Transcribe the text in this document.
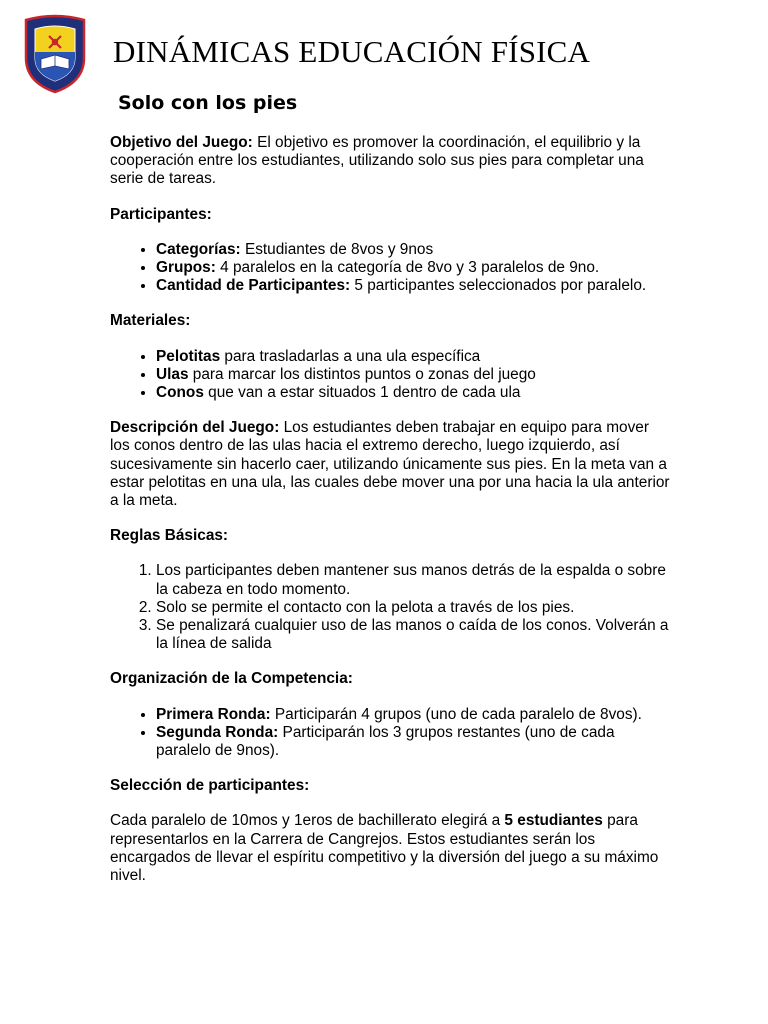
DINÁMICAS EDUCACIÓN FÍSICA
Solo con los pies

Objetivo del Juego: El objetivo es promover la coordinación, el equilibrio y la cooperación entre los estudiantes, utilizando solo sus pies para completar una serie de tareas.

Participantes:

• Categorías: Estudiantes de 8vos y 9nos
• Grupos: 4 paralelos en la categoría de 8vo y 3 paralelos de 9no.
• Cantidad de Participantes: 5 participantes seleccionados por paralelo.

Materiales:

• Pelotitas para trasladarlas a una ula específica
• Ulas para marcar los distintos puntos o zonas del juego
• Conos que van a estar situados 1 dentro de cada ula

Descripción del Juego: Los estudiantes deben trabajar en equipo para mover los conos dentro de las ulas hacia el extremo derecho, luego izquierdo, así sucesivamente sin hacerlo caer, utilizando únicamente sus pies. En la meta van a estar pelotitas en una ula, las cuales debe mover una por una hacia la ula anterior a la meta.

Reglas Básicas:

1. Los participantes deben mantener sus manos detrás de la espalda o sobre la cabeza en todo momento.
2. Solo se permite el contacto con la pelota a través de los pies.
3. Se penalizará cualquier uso de las manos o caída de los conos. Volverán a la línea de salida

Organización de la Competencia:

• Primera Ronda: Participarán 4 grupos (uno de cada paralelo de 8vos).
• Segunda Ronda: Participarán los 3 grupos restantes (uno de cada paralelo de 9nos).

Selección de participantes:

Cada paralelo de 10mos y 1eros de bachillerato elegirá a 5 estudiantes para representarlos en la Carrera de Cangrejos. Estos estudiantes serán los encargados de llevar el espíritu competitivo y la diversión del juego a su máximo nivel.
